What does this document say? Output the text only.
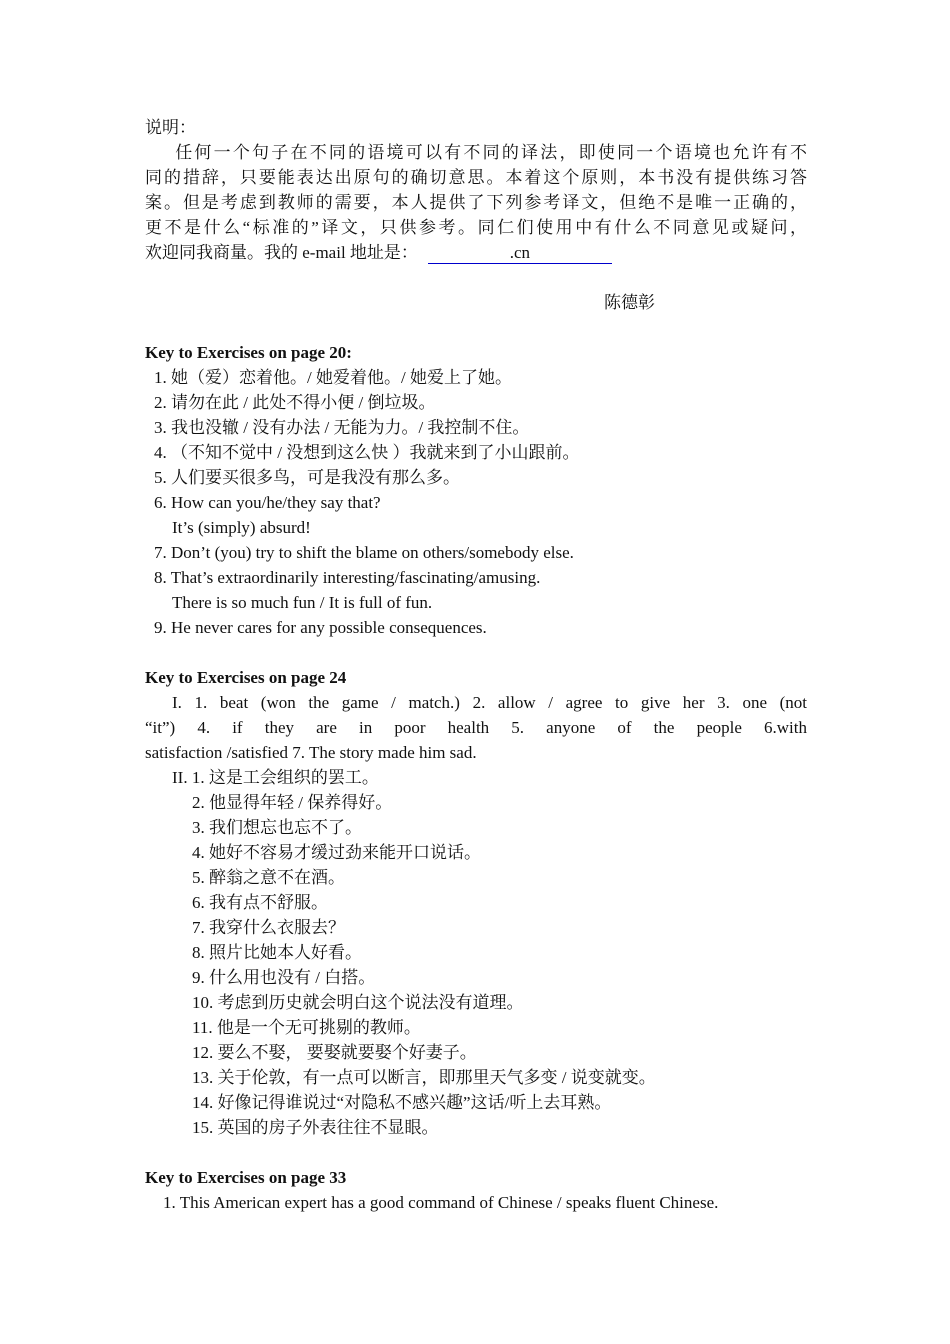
说明：
任何一个句子在不同的语境可以有不同的译法，即使同一个语境也允许有不
同的措辞，只要能表达出原句的确切意思。本着这个原则，本书没有提供练习答
案。但是考虑到教师的需要，本人提供了下列参考译文，但绝不是唯一正确的，
更不是什么“标准的”译文，只供参考。同仁们使用中有什么不同意见或疑问，
欢迎同我商量。我的 e-mail 地址是：	.cn
陈德彰
Key to Exercises on page 20:
1. 她（爱）恋着他。/ 她爱着他。/ 她爱上了她。
2. 请勿在此 / 此处不得小便 / 倒垃圾。
3. 我也没辙 / 没有办法 / 无能为力。/ 我控制不住。
4. （不知不觉中 / 没想到这么快 ）我就来到了小山跟前。
5. 人们要买很多鸟，可是我没有那么多。
6. How can you/he/they say that?
It’s (simply) absurd!
7. Don’t (you) try to shift the blame on others/somebody else.
8. That’s extraordinarily interesting/fascinating/amusing.
There is so much fun / It is full of fun.
9. He never cares for any possible consequences.
Key to Exercises on page 24
I. 1. beat (won the game / match.) 2. allow / agree to give her 3. one (not
“it”) 4. if they are in poor health 5. anyone of the people 6.with
satisfaction /satisfied 7. The story made him sad.
II. 1. 这是工会组织的罢工。
2. 他显得年轻 / 保养得好。
3. 我们想忘也忘不了。
4. 她好不容易才缓过劲来能开口说话。
5. 醉翁之意不在酒。
6. 我有点不舒服。
7. 我穿什么衣服去？
8. 照片比她本人好看。
9. 什么用也没有 / 白搭。
10. 考虑到历史就会明白这个说法没有道理。
11. 他是一个无可挑剔的教师。
12. 要么不娶， 要娶就要娶个好妻子。
13. 关于伦敦，有一点可以断言，即那里天气多变 / 说变就变。
14. 好像记得谁说过“对隐私不感兴趣”这话/听上去耳熟。
15. 英国的房子外表往往不显眼。
Key to Exercises on page 33
1. This American expert has a good command of Chinese / speaks fluent Chinese.
